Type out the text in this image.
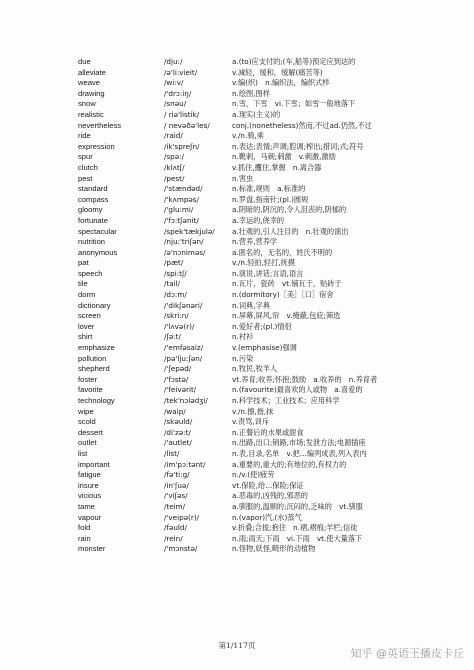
due	/dju:/	a.(to)应支付的;(车,船等)预定应到达的
alleviate	/ə'li:vieit/	v.减轻，缓和，缓解(痛苦等)
weave	/wi:v/	v.编(织)　n.编织法，编织式样
drawing	/'drɔ:iŋ/	n.绘图,图样
snow	/snəu/	n.雪，下雪　vi.下雪；如雪一般地落下
realistic	/ riə'listik/	a.现实(主义)的
nevertheless	/ nevəðə'les/	conj.(nonetheless)然而,不过ad.仍然,不过
ride	/raid/	v./n.骑,乘
expression	/ik'spreʃn/	n.表达;表情;声调;腔调;榨出;措词;式;符号
spur	/spə:/	n.靴刺，马刺;刺激　v.刺激,激励
clutch	/klʌtʃ/	v.抓住,攫住,掌握　n.离合器
pest	/pest/	n.害虫
standard	/'stændəd/	n.标准,规则　a.标准的
compass	/'kʌmpəs/	n.罗盘,指南针;(pl.)圆规
gloomy	/'glu:mi/	a.阴暗的,阴沉的,令人沮丧的,阴郁的
fortunate	/'fɔ:tʃənit/	a.幸运的,侥幸的
spectacular	/spek'tækjulə/	a.壮观的,引人注目的　n.壮观的演出
nutrition	/nju:'triʃən/	n.营养,营养学
anonymous	/ə'nɔniməs/	a.匿名的，无名的，姓氏不明的
pat	/pæt/	v./n.轻拍,轻打,抚摸
speech	/spi:tʃ/	n.演说,讲话;言语,语言
tile	/tail/	n.瓦片，瓷砖　vt.铺瓦于，贴砖于
dorm	/dɔ:m/	n.(dormitory)［美］［口］宿舍
dictionary	/'dikʃənəri/	n.词典,字典
screen	/skri:n/	n.屏幕,屏风,帘　v.掩蔽,包庇;筛选
lover	/'lʌvə(r)/	n.爱好者;(pl.)情侣
shirt	/ʃə:t/	n.衬衫
emphasize	/'emfəsaiz/	v.(emphasise)强调
pollution	/pə'lju:ʃən/	n.污染
shepherd	/'ʃepəd/	n.牧民,牧羊人
foster	/'fɔstə/	vt.养育;收养;怀抱;鼓励　a.收养的　n.养育者
favorite	/'feivərit/	n.(favourite)最喜欢的人或物　a.喜爱的
technology	/tek'nɔlədʒi/	n.科学技术；工业技术；应用科学
wipe	/waip/	v./n.擦,揩,抹
scold	/skəuld/	v.责骂,训斥
dessert	/di'zə:t/	n.正餐后的水果或甜食
outlet	/'autlet/	n.出路,出口;销路,市场;发泄方法;电源插座
list	/list/	n.表,目录,名单　v.把…编列成表,列入表内
important	/im'pɔ:tənt/	a.重要的,重大的;有地位的,有权力的
fatigue	/fə'ti:g/	n./v.(使)疲劳
insure	/in'ʃuə/	vt.保险,给…保险;保证
vicious	/'viʃəs/	a.恶毒的,凶残的,邪恶的
tame	/teim/	a.驯服的,温顺的;沉闷的,乏味的　vt.驯服
vapour	/'veipə(r)/	n.(vapor)汽,(水)蒸气
fold	/fəuld/	v.折叠;合拢;抱住　n.褶,褶痕;羊栏;信徒
rain	/rein/	n.雨;雨天;下雨　vi.下雨　vt.使大量落下
monster	/'mɔnstə/	n.怪物,妖怪,畸形的动植物
第1/117页
知乎 @英语王播皮卡丘
